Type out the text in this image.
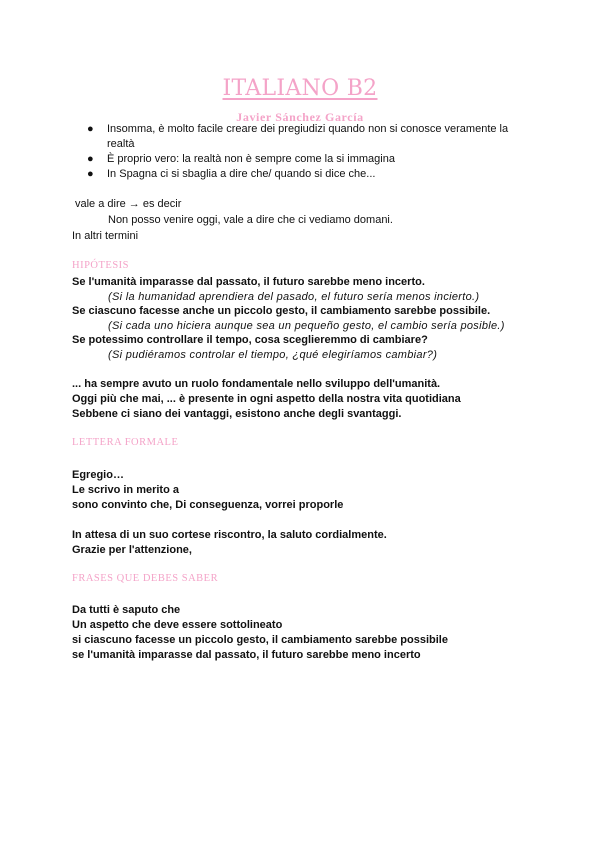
ITALIANO B2
Javier Sánchez García
● Insomma, è molto facile creare dei pregiudizi quando non si conosce veramente la realtà
● È proprio vero: la realtà non è sempre come la si immagina
● In Spagna ci si sbaglia a dire che/ quando si dice che...
vale a dire → es decir
Non posso venire oggi, vale a dire che ci vediamo domani.
In altri termini
HIPÓTESIS
Se l'umanità imparasse dal passato, il futuro sarebbe meno incerto.
(Si la humanidad aprendiera del pasado, el futuro sería menos incierto.)
Se ciascuno facesse anche un piccolo gesto, il cambiamento sarebbe possibile.
(Si cada uno hiciera aunque sea un pequeño gesto, el cambio sería posible.)
Se potessimo controllare il tempo, cosa sceglieremmo di cambiare?
(Si pudiéramos controlar el tiempo, ¿qué elegiríamos cambiar?)
... ha sempre avuto un ruolo fondamentale nello sviluppo dell'umanità.
Oggi più che mai, ... è presente in ogni aspetto della nostra vita quotidiana
Sebbene ci siano dei vantaggi, esistono anche degli svantaggi.
LETTERA FORMALE
Egregio…
Le scrivo in merito a
sono convinto che, Di conseguenza, vorrei proporle
In attesa di un suo cortese riscontro, la saluto cordialmente.
Grazie per l'attenzione,
FRASES QUE DEBES SABER
Da tutti è saputo che
Un aspetto che deve essere sottolineato
si ciascuno facesse un piccolo gesto, il cambiamento sarebbe possibile
se l'umanità imparasse dal passato, il futuro sarebbe meno incerto
